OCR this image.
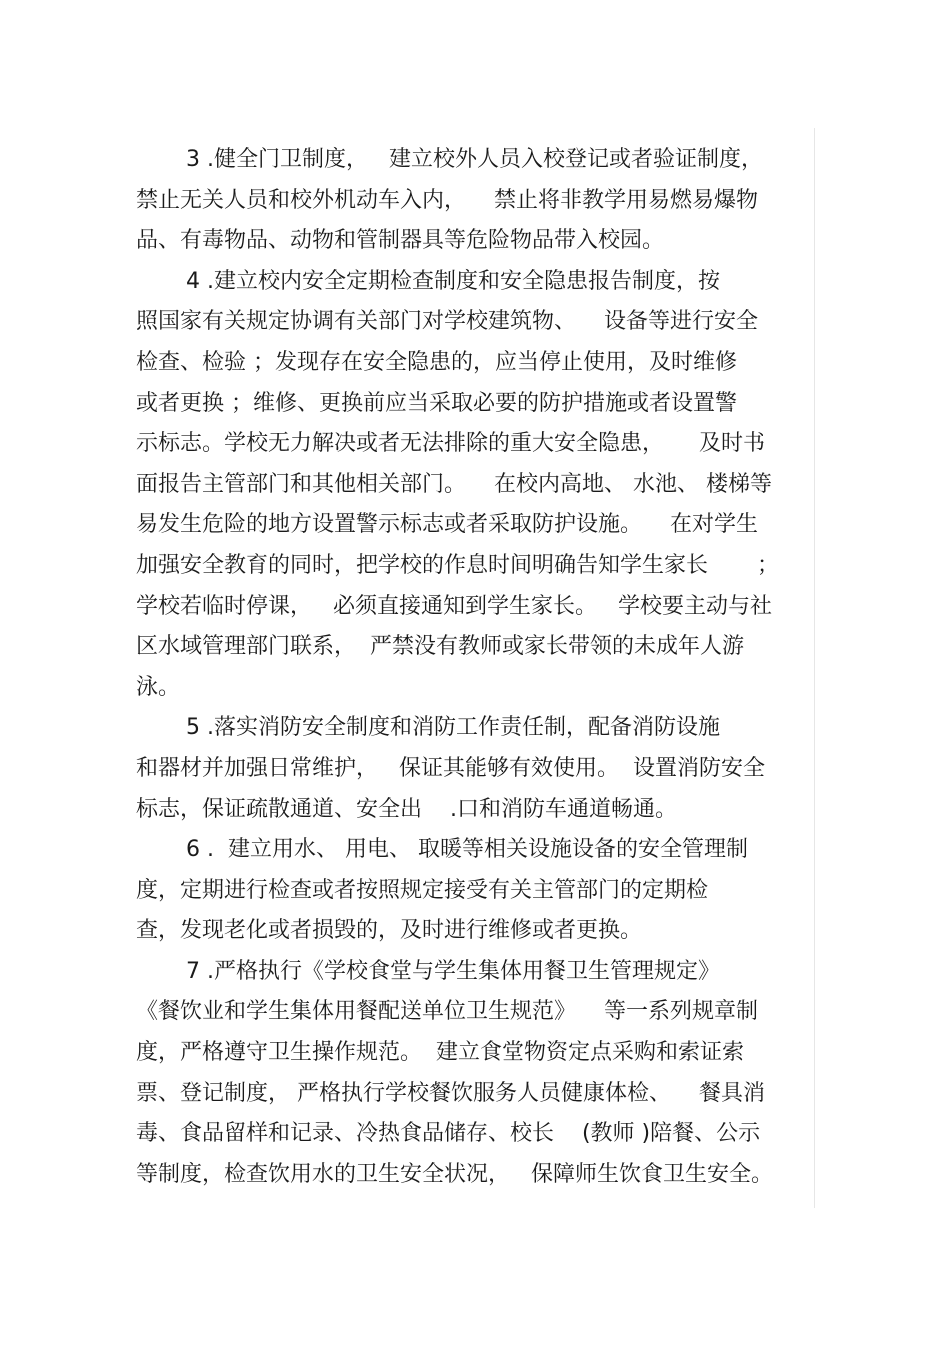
3 .健全门卫制度，   建立校外人员入校登记或者验证制度，
禁止无关人员和校外机动车入内，    禁止将非教学用易燃易爆物
品、有毒物品、动物和管制器具等危险物品带入校园。
4 .建立校内安全定期检查制度和安全隐患报告制度，按
照国家有关规定协调有关部门对学校建筑物、    设备等进行安全
检查、检验 ；发现存在安全隐患的，应当停止使用，及时维修
或者更换 ；维修、更换前应当采取必要的防护措施或者设置警
示标志。学校无力解决或者无法排除的重大安全隐患，     及时书
面报告主管部门和其他相关部门。    在校内高地、 水池、 楼梯等
易发生危险的地方设置警示标志或者采取防护设施。    在对学生
加强安全教育的同时，把学校的作息时间明确告知学生家长       ；
学校若临时停课，   必须直接通知到学生家长。   学校要主动与社
区水域管理部门联系，  严禁没有教师或家长带领的未成年人游
泳。
5 .落实消防安全制度和消防工作责任制，配备消防设施
和器材并加强日常维护，   保证其能够有效使用。  设置消防安全
标志，保证疏散通道、安全出    .口和消防车通道畅通。
6 .  建立用水、 用电、 取暖等相关设施设备的安全管理制
度，定期进行检查或者按照规定接受有关主管部门的定期检
查，发现老化或者损毁的，及时进行维修或者更换。
7 .严格执行《学校食堂与学生集体用餐卫生管理规定》
《餐饮业和学生集体用餐配送单位卫生规范》    等一系列规章制
度，严格遵守卫生操作规范。  建立食堂物资定点采购和索证索
票、登记制度， 严格执行学校餐饮服务人员健康体检、    餐具消
毒、食品留样和记录、冷热食品储存、校长    (教师 )陪餐、公示
等制度，检查饮用水的卫生安全状况，   保障师生饮食卫生安全。
